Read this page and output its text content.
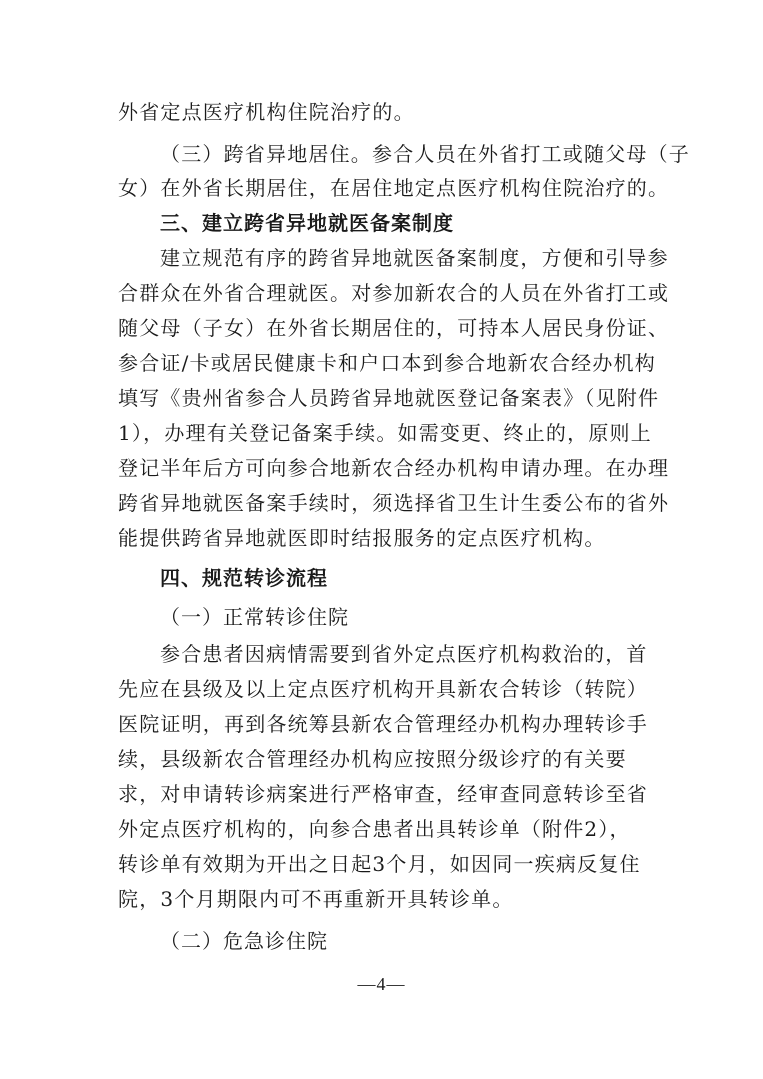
外省定点医疗机构住院治疗的。
（三）跨省异地居住。参合人员在外省打工或随父母（子
女）在外省长期居住，在居住地定点医疗机构住院治疗的。
三、建立跨省异地就医备案制度
建立规范有序的跨省异地就医备案制度，方便和引导参
合群众在外省合理就医。对参加新农合的人员在外省打工或
随父母（子女）在外省长期居住的，可持本人居民身份证、
参合证/卡或居民健康卡和户口本到参合地新农合经办机构
填写《贵州省参合人员跨省异地就医登记备案表》（见附件
1），办理有关登记备案手续。如需变更、终止的，原则上
登记半年后方可向参合地新农合经办机构申请办理。在办理
跨省异地就医备案手续时，须选择省卫生计生委公布的省外
能提供跨省异地就医即时结报服务的定点医疗机构。
四、规范转诊流程
（一）正常转诊住院
参合患者因病情需要到省外定点医疗机构救治的，首
先应在县级及以上定点医疗机构开具新农合转诊（转院）
医院证明，再到各统筹县新农合管理经办机构办理转诊手
续，县级新农合管理经办机构应按照分级诊疗的有关要
求，对申请转诊病案进行严格审查，经审查同意转诊至省
外定点医疗机构的，向参合患者出具转诊单（附件2），
转诊单有效期为开出之日起3个月，如因同一疾病反复住
院，3个月期限内可不再重新开具转诊单。
（二）危急诊住院
—4—
